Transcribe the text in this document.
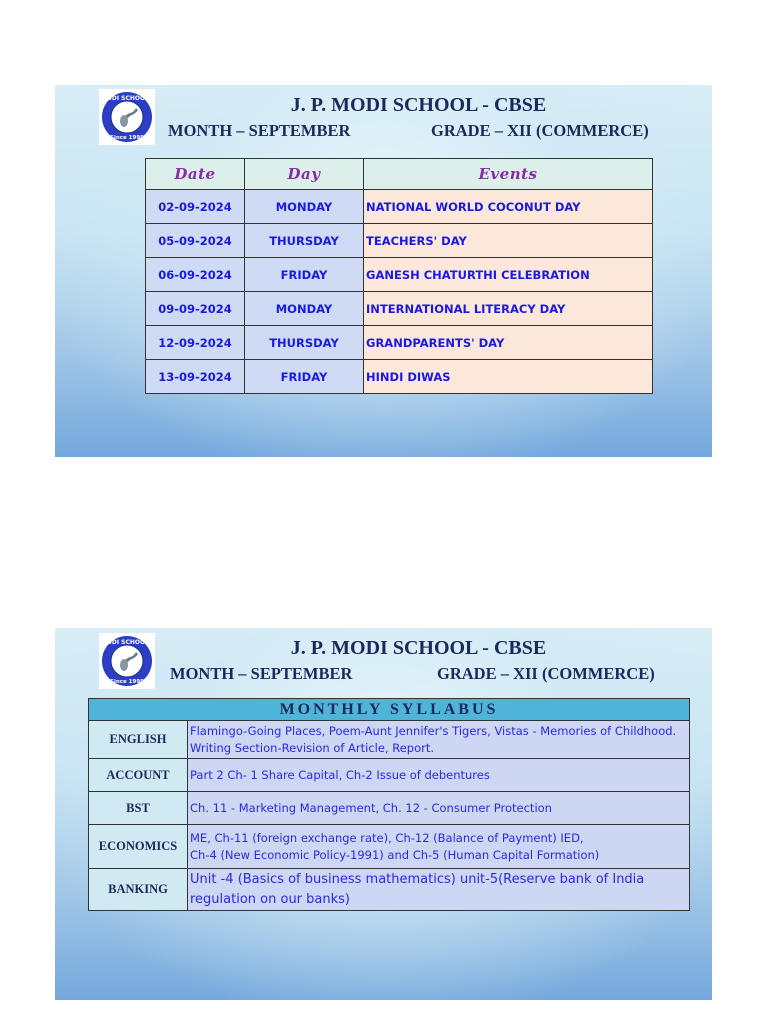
MODI SCHOOLS
Since 1999
J. P. MODI SCHOOL - CBSE
MONTH – SEPTEMBER	GRADE – XII (COMMERCE)
Date	Day	Events
02-09-2024	MONDAY	NATIONAL WORLD COCONUT DAY
05-09-2024	THURSDAY	TEACHERS' DAY
06-09-2024	FRIDAY	GANESH CHATURTHI CELEBRATION
09-09-2024	MONDAY	INTERNATIONAL LITERACY DAY
12-09-2024	THURSDAY	GRANDPARENTS' DAY
13-09-2024	FRIDAY	HINDI DIWAS
MODI SCHOOLS
Since 1999
J. P. MODI SCHOOL - CBSE
MONTH – SEPTEMBER	GRADE – XII (COMMERCE)
MONTHLY SYLLABUS	
ENGLISH	Flamingo-Going Places, Poem-Aunt Jennifer's Tigers, Vistas - Memories of Childhood.
Writing Section-Revision of Article, Report.

ACCOUNT	Part 2 Ch- 1 Share Capital, Ch-2 Issue of debentures

BST	Ch. 11 - Marketing Management, Ch. 12 - Consumer Protection

ECONOMICS	ME, Ch-11 (foreign exchange rate), Ch-12 (Balance of Payment) IED,
Ch-4 (New Economic Policy-1991) and Ch-5 (Human Capital Formation)

BANKING	Unit -4 (Basics of business mathematics) unit-5(Reserve bank of India
regulation on our banks)
